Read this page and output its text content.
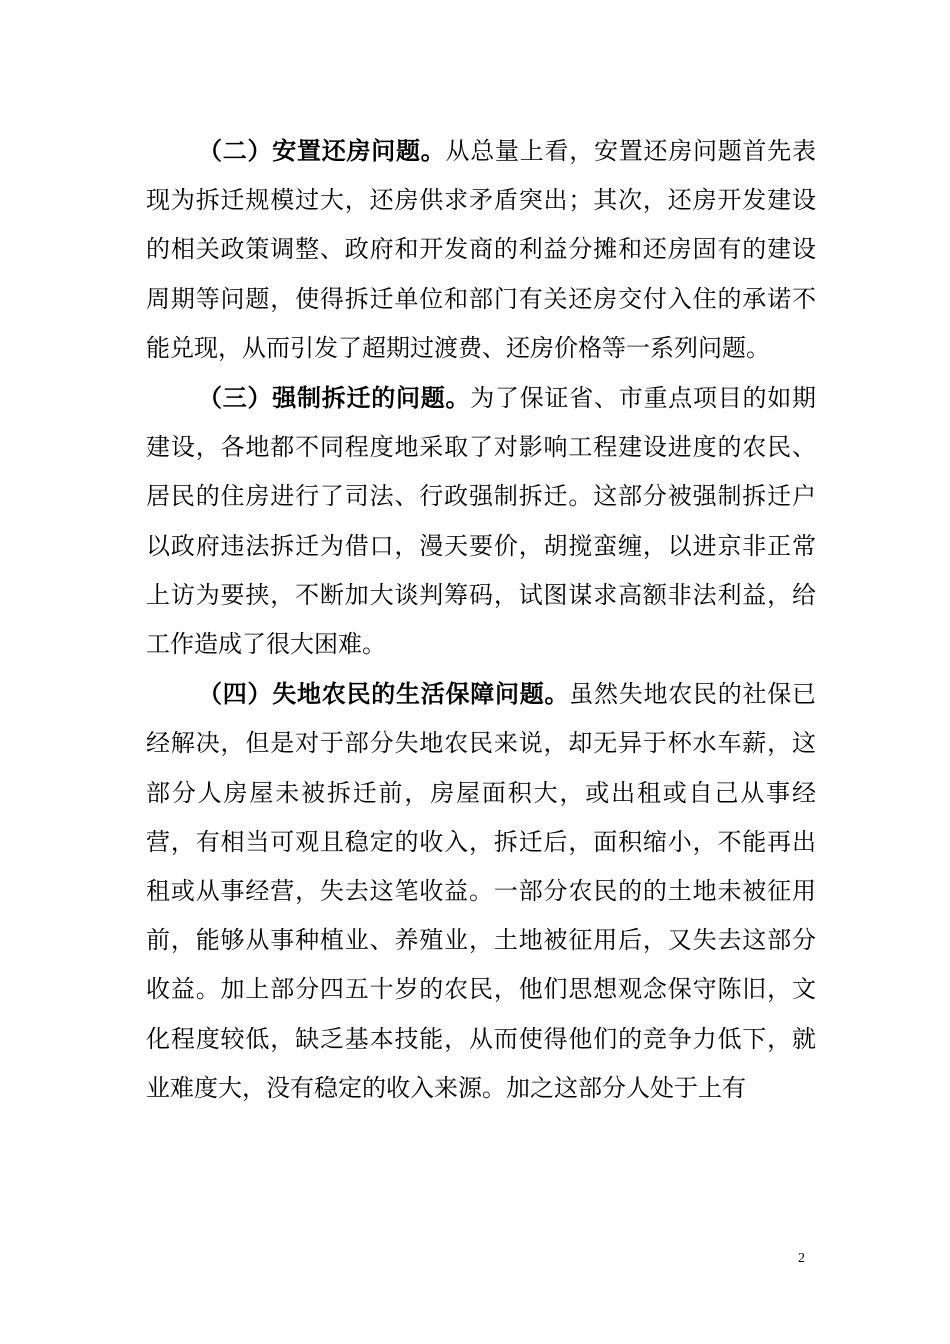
（二）安置还房问题。从总量上看，安置还房问题首先表现为拆迁规模过大，还房供求矛盾突出；其次，还房开发建设的相关政策调整、政府和开发商的利益分摊和还房固有的建设周期等问题，使得拆迁单位和部门有关还房交付入住的承诺不能兑现，从而引发了超期过渡费、还房价格等一系列问题。

（三）强制拆迁的问题。为了保证省、市重点项目的如期建设，各地都不同程度地采取了对影响工程建设进度的农民、居民的住房进行了司法、行政强制拆迁。这部分被强制拆迁户以政府违法拆迁为借口，漫天要价，胡搅蛮缠，以进京非正常上访为要挟，不断加大谈判筹码，试图谋求高额非法利益，给工作造成了很大困难。

（四）失地农民的生活保障问题。虽然失地农民的社保已经解决，但是对于部分失地农民来说，却无异于杯水车薪，这部分人房屋未被拆迁前，房屋面积大，或出租或自己从事经营，有相当可观且稳定的收入，拆迁后，面积缩小，不能再出租或从事经营，失去这笔收益。一部分农民的的土地未被征用前，能够从事种植业、养殖业，土地被征用后，又失去这部分收益。加上部分四五十岁的农民，他们思想观念保守陈旧，文化程度较低，缺乏基本技能，从而使得他们的竞争力低下，就业难度大，没有稳定的收入来源。加之这部分人处于上有

2
